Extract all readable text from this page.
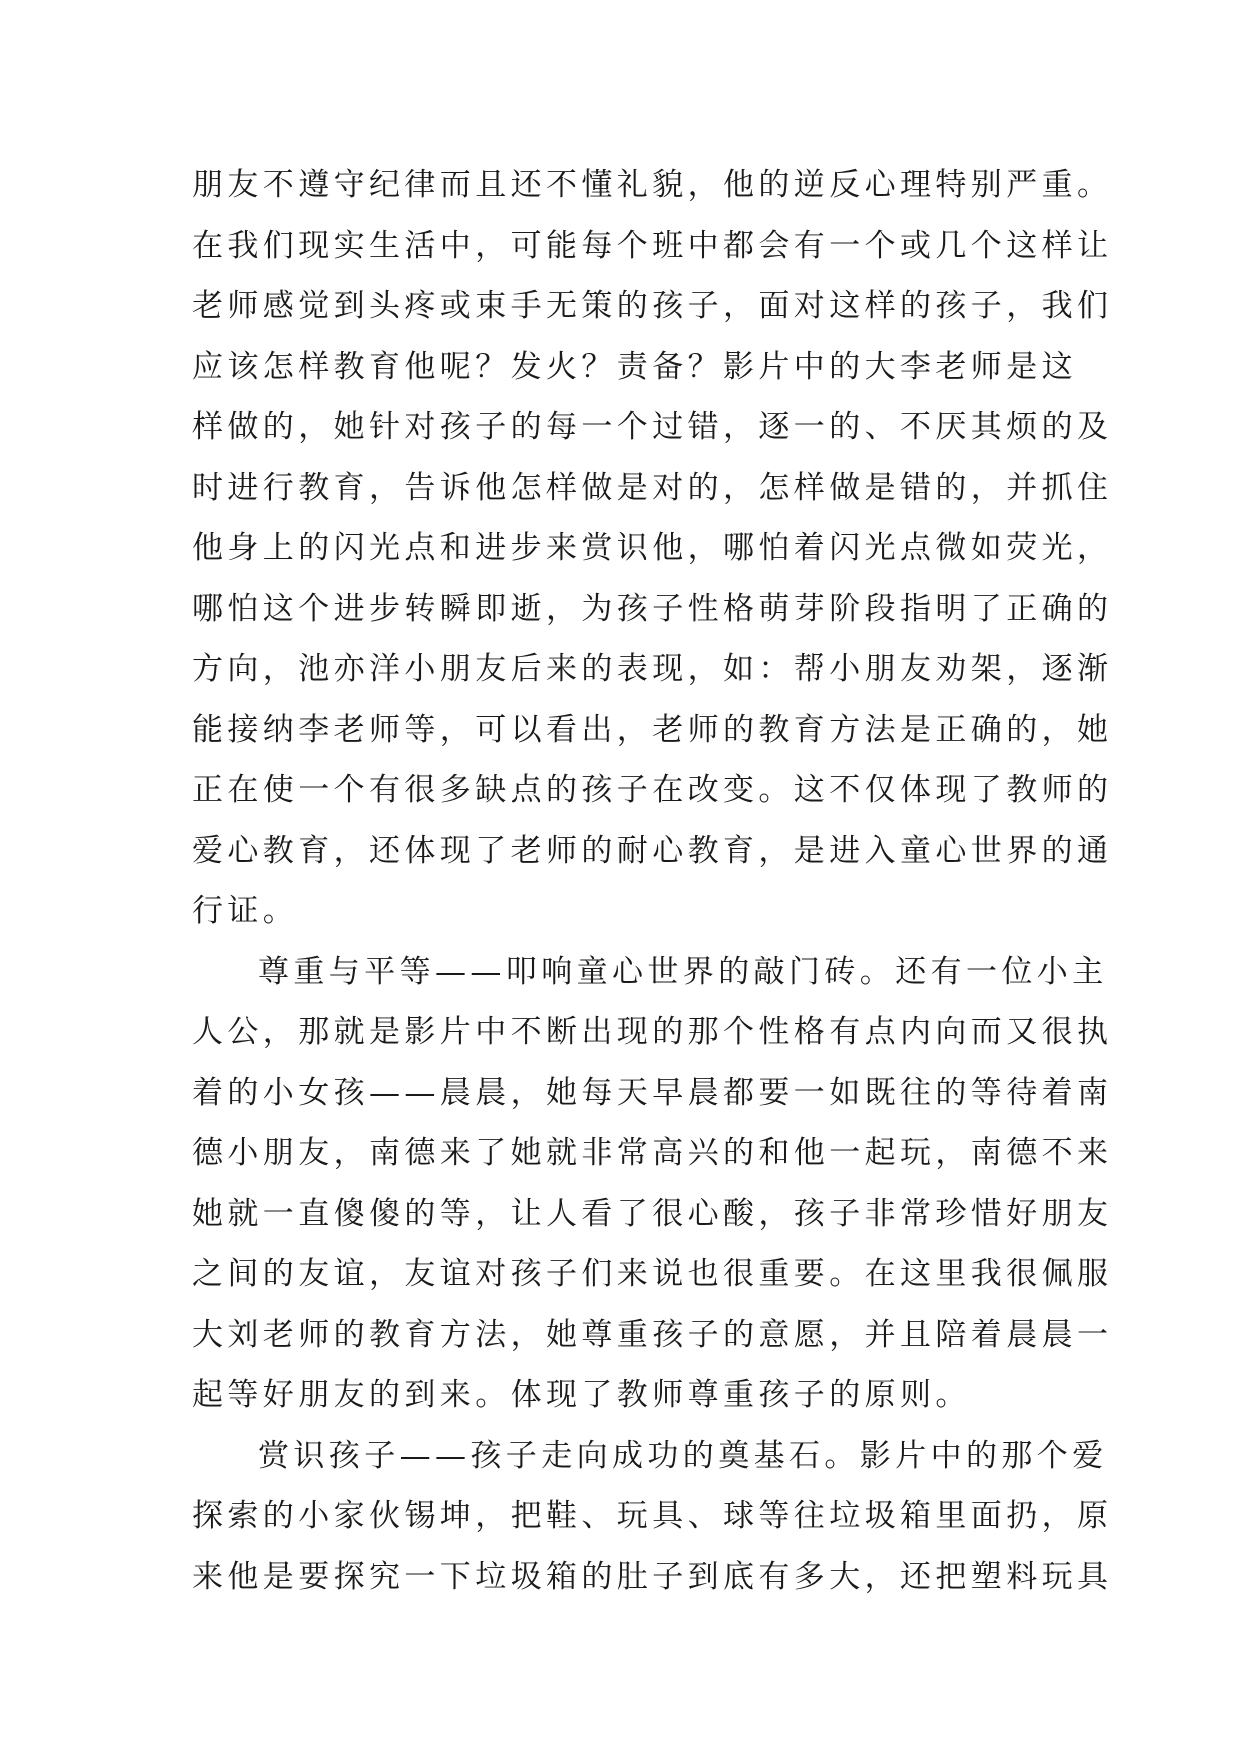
朋友不遵守纪律而且还不懂礼貌，他的逆反心理特别严重。
在我们现实生活中，可能每个班中都会有一个或几个这样让
老师感觉到头疼或束手无策的孩子，面对这样的孩子，我们
应该怎样教育他呢？发火？责备？影片中的大李老师是这
样做的，她针对孩子的每一个过错，逐一的、不厌其烦的及
时进行教育，告诉他怎样做是对的，怎样做是错的，并抓住
他身上的闪光点和进步来赏识他，哪怕着闪光点微如荧光，
哪怕这个进步转瞬即逝，为孩子性格萌芽阶段指明了正确的
方向，池亦洋小朋友后来的表现，如：帮小朋友劝架，逐渐
能接纳李老师等，可以看出，老师的教育方法是正确的，她
正在使一个有很多缺点的孩子在改变。这不仅体现了教师的
爱心教育，还体现了老师的耐心教育，是进入童心世界的通
行证。
尊重与平等——叩响童心世界的敲门砖。还有一位小主
人公，那就是影片中不断出现的那个性格有点内向而又很执
着的小女孩——晨晨，她每天早晨都要一如既往的等待着南
德小朋友，南德来了她就非常高兴的和他一起玩，南德不来
她就一直傻傻的等，让人看了很心酸，孩子非常珍惜好朋友
之间的友谊，友谊对孩子们来说也很重要。在这里我很佩服
大刘老师的教育方法，她尊重孩子的意愿，并且陪着晨晨一
起等好朋友的到来。体现了教师尊重孩子的原则。
赏识孩子——孩子走向成功的奠基石。影片中的那个爱
探索的小家伙锡坤，把鞋、玩具、球等往垃圾箱里面扔，原
来他是要探究一下垃圾箱的肚子到底有多大，还把塑料玩具
